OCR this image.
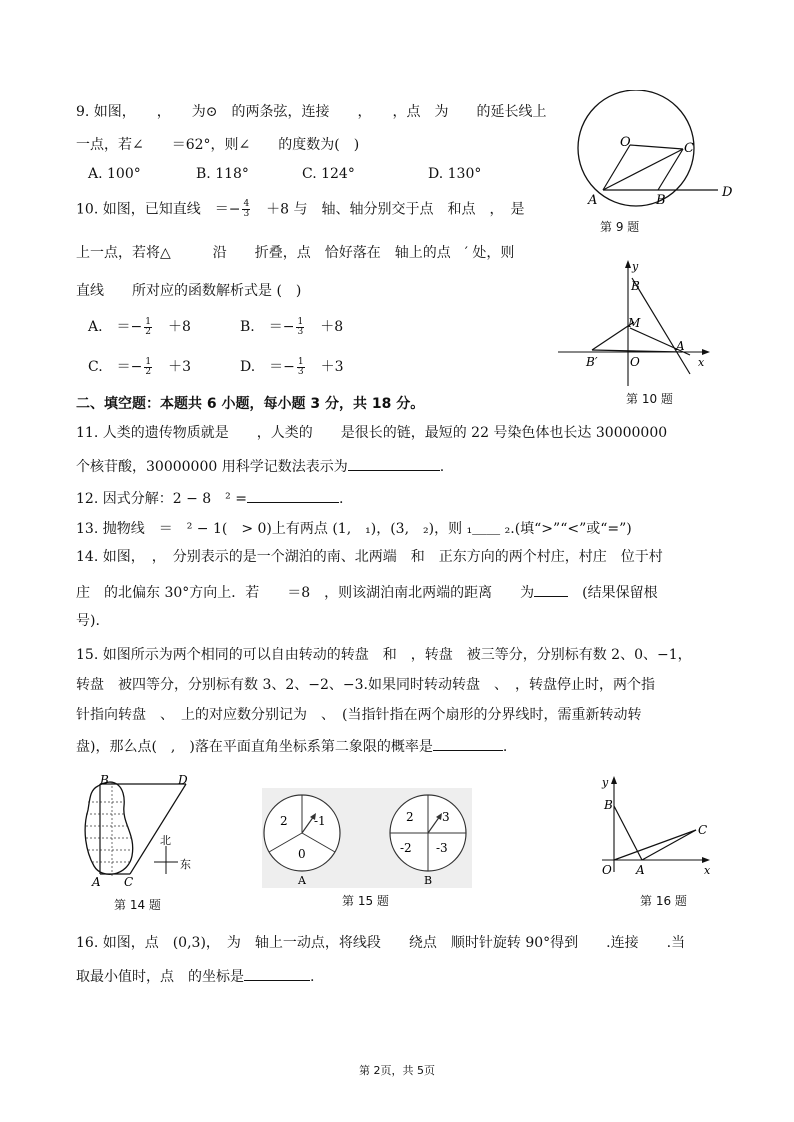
9. 如图，　　，　　为⊙　的两条弦，连接　　，　　，点　为　　的延长线上
一点，若∠　　＝62°，则∠　　的度数为(　)
A. 100°	B. 118°	C. 124°	D. 130°
O	C
A	B
D
第 9 题
10. 如图，已知直线　＝− $\frac{4}{3}$ 　＋8 与　轴、轴分别交于点　和点　，　是
上一点，若将△　　　沿　　折叠，点　恰好落在　轴上的点　′ 处，则
直线　　所对应的函数解析式是 (　)
A.　＝− $\frac{1}{2}$ 　＋8	B.　＝− $\frac{1}{3}$ 　＋8
C.　＝− $\frac{1}{2}$ 　＋3	D.　＝− $\frac{1}{3}$ 　＋3
y
B
M
O
A
B′	x
第 10 题
二、填空题：本题共 6 小题，每小题 3 分，共 18 分。
11. 人类的遗传物质就是　　，人类的　　是很长的链，最短的 22 号染色体也长达 30000000
个核苷酸，30000000 用科学记数法表示为	.
12. 因式分解：2 − 8　² =	.
13. 抛物线　＝　² − 1(　> 0)上有两点 (1,　₁)，(3,　₂)，则 ₁＿＿ ₂.(填“>”“<”或“=”)
14. 如图，　，　分别表示的是一个湖泊的南、北两端　和　正东方向的两个村庄，村庄　位于村
庄　的北偏东 30°方向上．若　　＝8　，则该湖泊南北两端的距离　　为　(结果保留根
号).
15. 如图所示为两个相同的可以自由转动的转盘　和　，转盘　被三等分，分别标有数 2、0、−1，
转盘　被四等分，分别标有数 3、2、−2、−3.如果同时转动转盘　、　，转盘停止时，两个指
针指向转盘　、　上的对应数分别记为　、　(当指针指在两个扇形的分界线时，需重新转动转
盘)，那么点(　,　)落在平面直角坐标系第二象限的概率是	.
B	D
A C
北
东
第 14 题
2 -1
0
A
2 3
-2 -3
B
第 15 题
y
B
C
O A	x
第 16 题
16. 如图，点　(0,3)，　为　轴上一动点，将线段　　绕点　顺时针旋转 90°得到　　.连接　　.当
取最小值时，点　的坐标是	.
第 2页，共 5页
